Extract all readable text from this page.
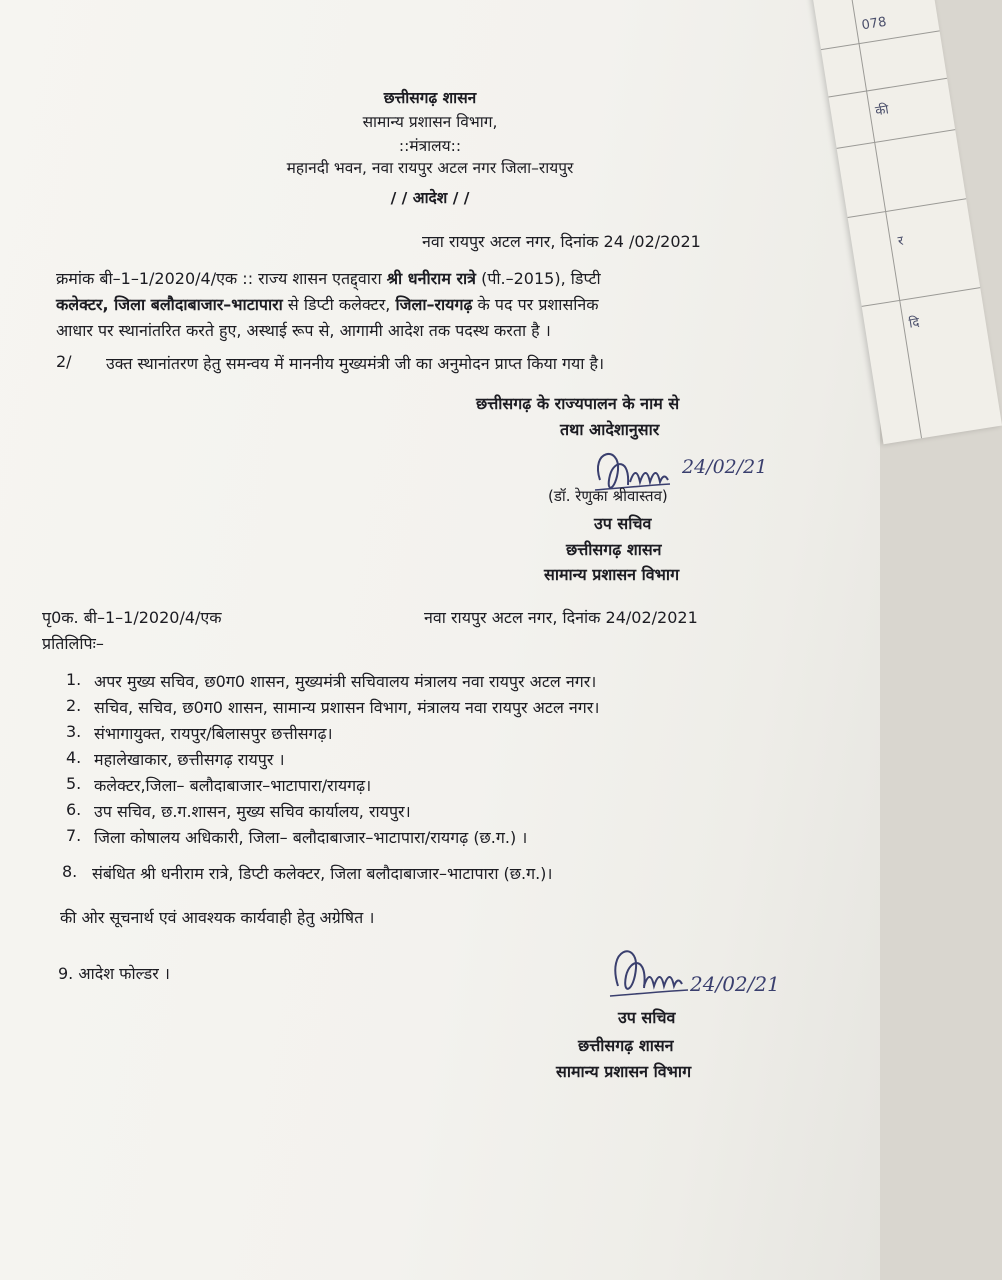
078
की
र
दि
छत्तीसगढ़ शासन
सामान्य प्रशासन विभाग,
::मंत्रालय::
महानदी भवन, नवा रायपुर अटल नगर जिला–रायपुर
/ / आदेश / /
नवा रायपुर अटल नगर, दिनांक 24 /02/2021
क्रमांक बी–1–1/2020/4/एक :: राज्य शासन एतद्द्वारा श्री धनीराम रात्रे (पी.–2015), डिप्टी
कलेक्टर, जिला बलौदाबाजार–भाटापारा से डिप्टी कलेक्टर, जिला–रायगढ़ के पद पर प्रशासनिक
आधार पर स्थानांतरित करते हुए, अस्थाई रूप से, आगामी आदेश तक पदस्थ करता है ।
2/ उक्त स्थानांतरण हेतु समन्वय में माननीय मुख्यमंत्री जी का अनुमोदन प्राप्त किया गया है।
छत्तीसगढ़ के राज्यपालन के नाम से
तथा आदेशानुसार
24/02/21
(डॉ. रेणुका श्रीवास्तव)
उप सचिव
छत्तीसगढ़ शासन
सामान्य प्रशासन विभाग
पृ0क. बी–1–1/2020/4/एक	नवा रायपुर अटल नगर, दिनांक 24/02/2021
प्रतिलिपिः–
1. अपर मुख्य सचिव, छ0ग0 शासन, मुख्यमंत्री सचिवालय मंत्रालय नवा रायपुर अटल नगर।
2. सचिव, सचिव, छ0ग0 शासन, सामान्य प्रशासन विभाग, मंत्रालय नवा रायपुर अटल नगर।
3. संभागायुक्त, रायपुर/बिलासपुर छत्तीसगढ़।
4. महालेखाकार, छत्तीसगढ़ रायपुर ।
5. कलेक्टर,जिला– बलौदाबाजार–भाटापारा/रायगढ़।
6. उप सचिव, छ.ग.शासन, मुख्य सचिव कार्यालय, रायपुर।
7. जिला कोषालय अधिकारी, जिला– बलौदाबाजार–भाटापारा/रायगढ़ (छ.ग.) ।
8. संबंधित श्री धनीराम रात्रे, डिप्टी कलेक्टर, जिला बलौदाबाजार–भाटापारा (छ.ग.)।
की ओर सूचनार्थ एवं आवश्यक कार्यवाही हेतु अग्रेषित ।
9. आदेश फोल्डर ।	24/02/21
उप सचिव
छत्तीसगढ़ शासन
सामान्य प्रशासन विभाग
